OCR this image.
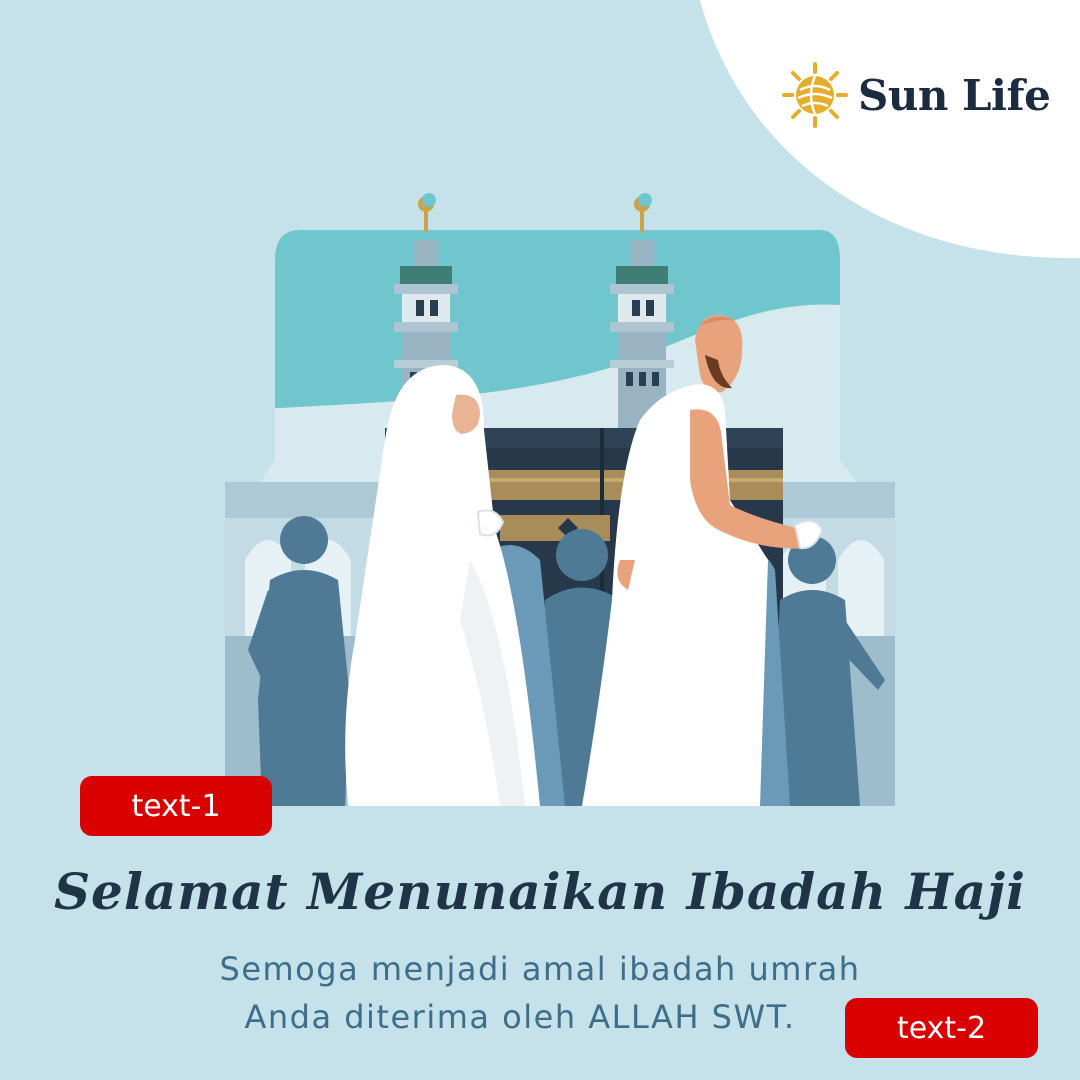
Sun Life
text-1
Selamat Menunaikan Ibadah Haji
Semoga menjadi amal ibadah umrah
Anda diterima oleh ALLAH SWT.	text-2
